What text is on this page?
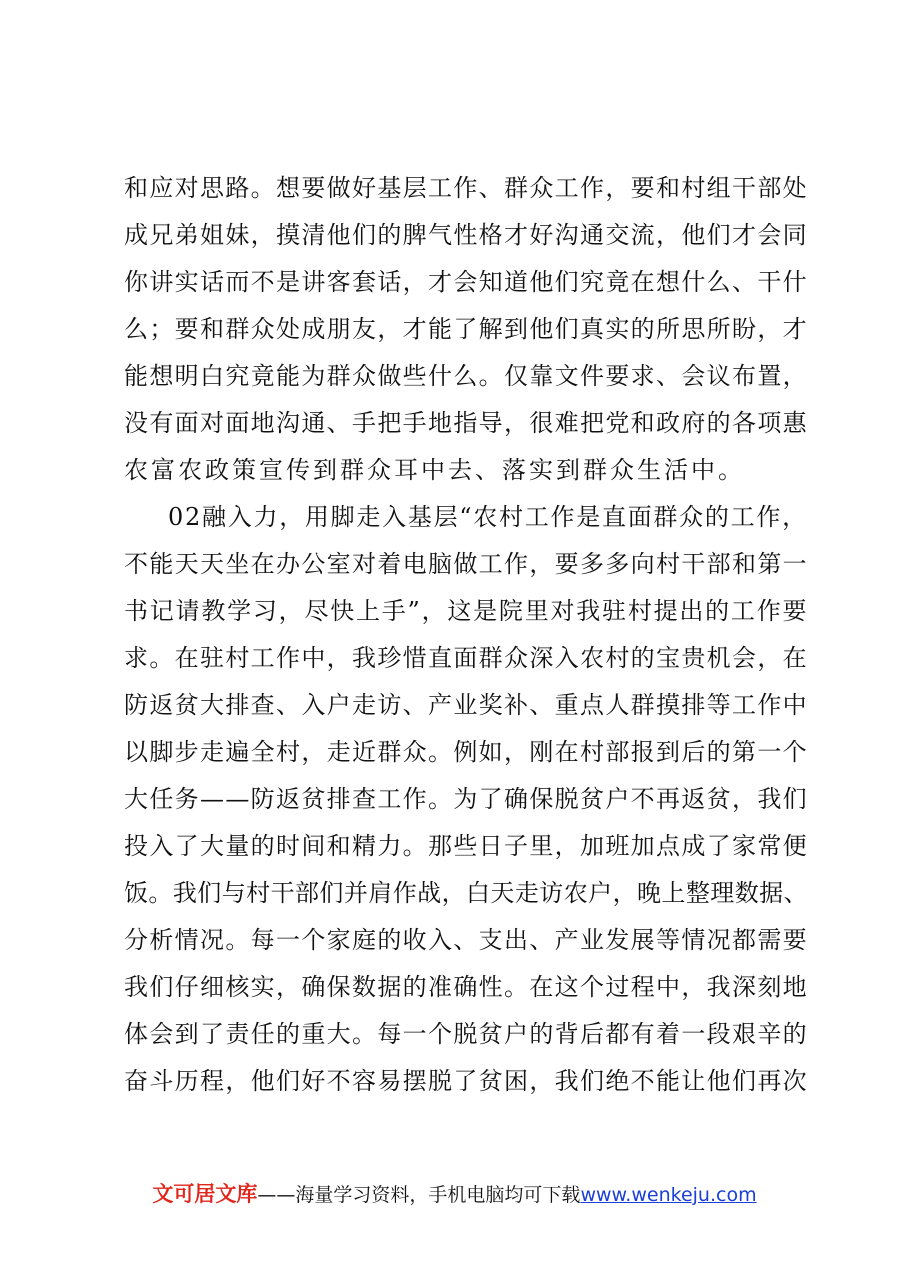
和应对思路。想要做好基层工作、群众工作，要和村组干部处
成兄弟姐妹，摸清他们的脾气性格才好沟通交流，他们才会同
你讲实话而不是讲客套话，才会知道他们究竟在想什么、干什
么；要和群众处成朋友，才能了解到他们真实的所思所盼，才
能想明白究竟能为群众做些什么。仅靠文件要求、会议布置，
没有面对面地沟通、手把手地指导，很难把党和政府的各项惠
农富农政策宣传到群众耳中去、落实到群众生活中。
02融入力，用脚走入基层“农村工作是直面群众的工作，
不能天天坐在办公室对着电脑做工作，要多多向村干部和第一
书记请教学习，尽快上手”，这是院里对我驻村提出的工作要
求。在驻村工作中，我珍惜直面群众深入农村的宝贵机会，在
防返贫大排查、入户走访、产业奖补、重点人群摸排等工作中
以脚步走遍全村，走近群众。例如，刚在村部报到后的第一个
大任务——防返贫排查工作。为了确保脱贫户不再返贫，我们
投入了大量的时间和精力。那些日子里，加班加点成了家常便
饭。我们与村干部们并肩作战，白天走访农户，晚上整理数据、
分析情况。每一个家庭的收入、支出、产业发展等情况都需要
我们仔细核实，确保数据的准确性。在这个过程中，我深刻地
体会到了责任的重大。每一个脱贫户的背后都有着一段艰辛的
奋斗历程，他们好不容易摆脱了贫困，我们绝不能让他们再次
文可居文库——海量学习资料，手机电脑均可下载www.wenkeju.com
